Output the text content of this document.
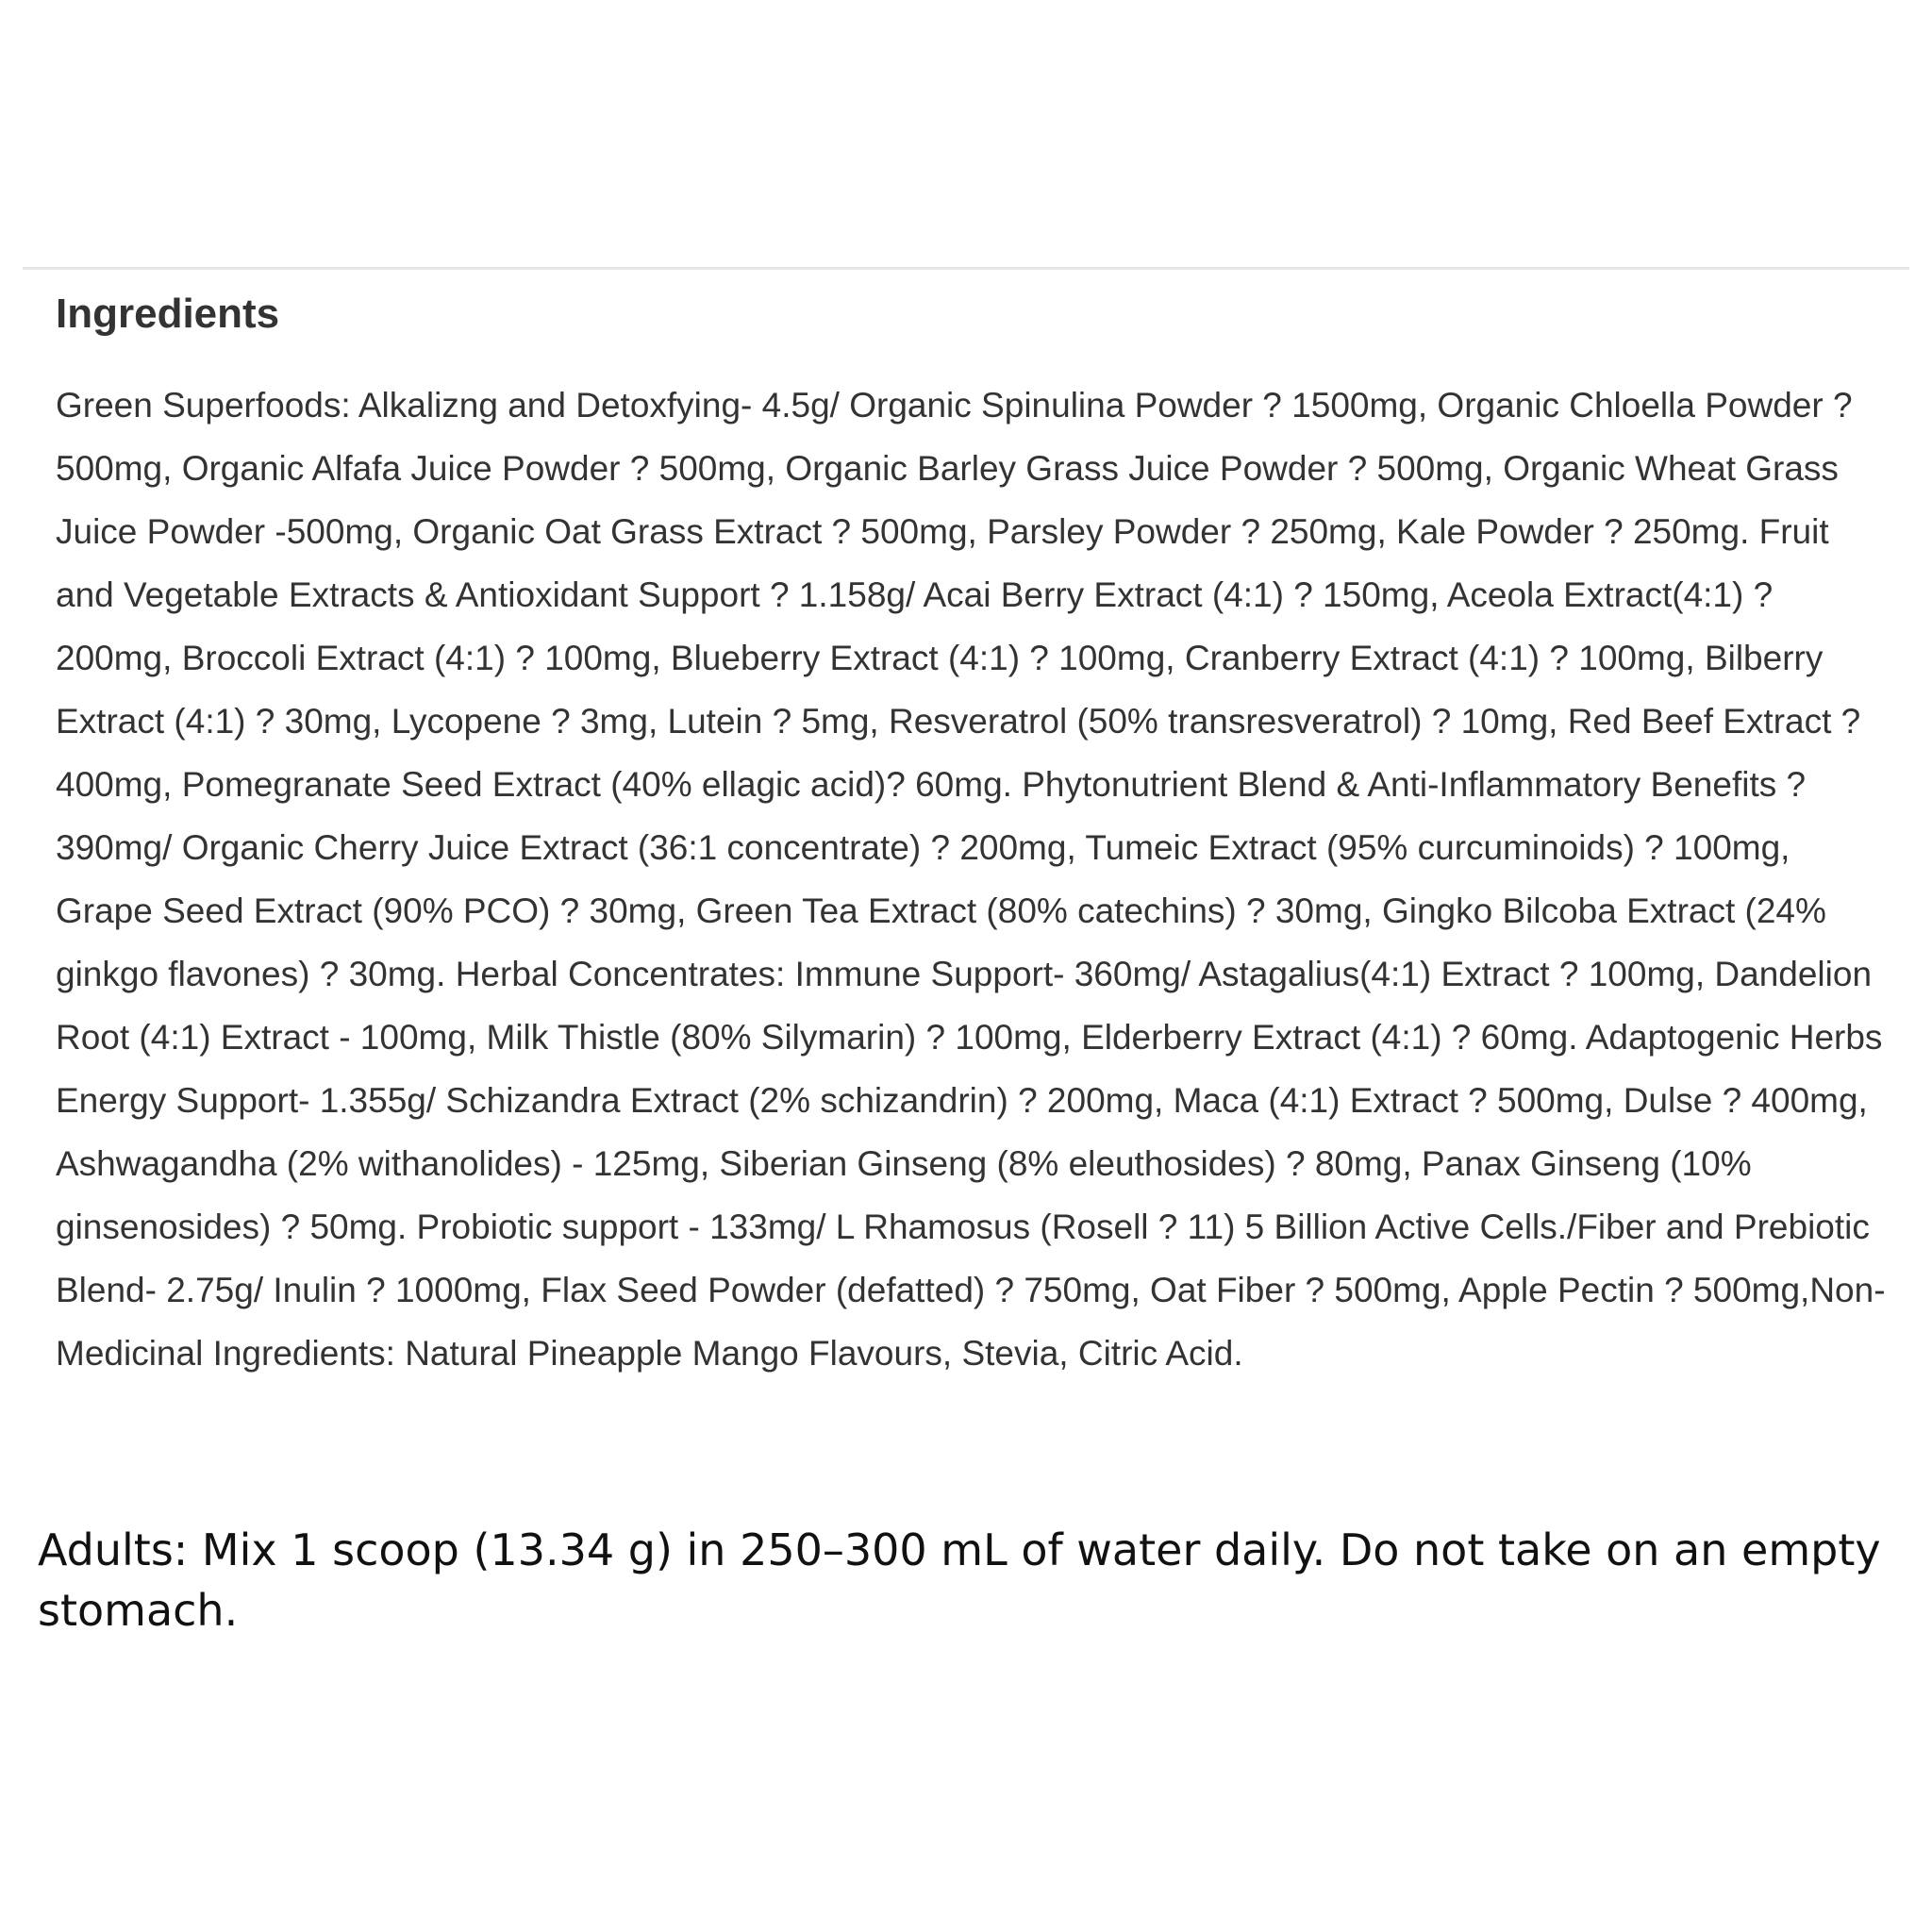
Ingredients

Green Superfoods: Alkalizng and Detoxfying- 4.5g/ Organic Spinulina Powder ? 1500mg, Organic Chloella Powder ? 500mg, Organic Alfafa Juice Powder ? 500mg, Organic Barley Grass Juice Powder ? 500mg, Organic Wheat Grass Juice Powder -500mg, Organic Oat Grass Extract ? 500mg, Parsley Powder ? 250mg, Kale Powder ? 250mg. Fruit and Vegetable Extracts & Antioxidant Support ? 1.158g/ Acai Berry Extract (4:1) ? 150mg, Aceola Extract(4:1) ? 200mg, Broccoli Extract (4:1) ? 100mg, Blueberry Extract (4:1) ? 100mg, Cranberry Extract (4:1) ? 100mg, Bilberry Extract (4:1) ? 30mg, Lycopene ? 3mg, Lutein ? 5mg, Resveratrol (50% transresveratrol) ? 10mg, Red Beef Extract ? 400mg, Pomegranate Seed Extract (40% ellagic acid)? 60mg. Phytonutrient Blend & Anti-Inflammatory Benefits ? 390mg/ Organic Cherry Juice Extract (36:1 concentrate) ? 200mg, Tumeic Extract (95% curcuminoids) ? 100mg, Grape Seed Extract (90% PCO) ? 30mg, Green Tea Extract (80% catechins) ? 30mg, Gingko Bilcoba Extract (24% ginkgo flavones) ? 30mg. Herbal Concentrates: Immune Support- 360mg/ Astagalius(4:1) Extract ? 100mg, Dandelion Root (4:1) Extract - 100mg, Milk Thistle (80% Silymarin) ? 100mg, Elderberry Extract (4:1) ? 60mg. Adaptogenic Herbs Energy Support- 1.355g/ Schizandra Extract (2% schizandrin) ? 200mg, Maca (4:1) Extract ? 500mg, Dulse ? 400mg, Ashwagandha (2% withanolides) - 125mg, Siberian Ginseng (8% eleuthosides) ? 80mg, Panax Ginseng (10% ginsenosides) ? 50mg. Probiotic support - 133mg/ L Rhamosus (Rosell ? 11) 5 Billion Active Cells./Fiber and Prebiotic Blend- 2.75g/ Inulin ? 1000mg, Flax Seed Powder (defatted) ? 750mg, Oat Fiber ? 500mg, Apple Pectin ? 500mg,Non- Medicinal Ingredients: Natural Pineapple Mango Flavours, Stevia, Citric Acid.

Adults: Mix 1 scoop (13.34 g) in 250–300 mL of water daily. Do not take on an empty stomach.
